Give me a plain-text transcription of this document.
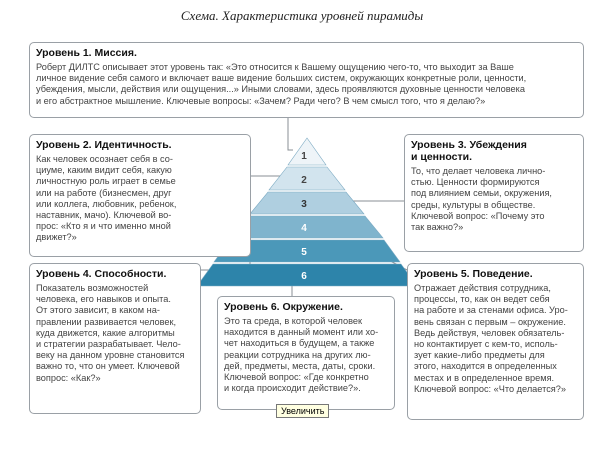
Схема. Характеристика уровней пирамиды
1
2
3
4
5
6
Уровень 1. Миссия.

Роберт ДИЛТС описывает этот уровень так: «Это относится к Вашему ощущению чего-то, что выходит за Ваше
личное видение себя самого и включает ваше видение больших систем, окружающих конкретные роли, ценности,
убеждения, мысли, действия или ощущения...» Иными словами, здесь проявляются духовные ценности человека
и его абстрактное мышление. Ключевые вопросы: «Зачем? Ради чего? В чем смысл того, что я делаю?»

Уровень 2. Идентичность.

Как человек осознает себя в со-
циуме, каким видит себя, какую
личностную роль играет в семье
или на работе (бизнесмен, друг
или коллега, любовник, ребенок,
наставник, мачо). Ключевой во-
прос: «Кто я и что именно мной
движет?»

Уровень 3. Убеждения
и ценности.

То, что делает человека лично-
стью. Ценности формируются
под влиянием семьи, окружения,
среды, культуры в обществе.
Ключевой вопрос: «Почему это
так важно?»

Уровень 4. Способности.

Показатель возможностей
человека, его навыков и опыта.
От этого зависит, в каком на-
правлении развивается человек,
куда движется, какие алгоритмы
и стратегии разрабатывает. Чело-
веку на данном уровне становится
важно то, что он умеет. Ключевой
вопрос: «Как?»

Уровень 5. Поведение.

Отражает действия сотрудника,
процессы, то, как он ведет себя
на работе и за стенами офиса. Уро-
вень связан с первым – окружение.
Ведь действуя, человек обязатель-
но контактирует с кем-то, исполь-
зует какие-либо предметы для
этого, находится в определенных
местах и в определенное время.
Ключевой вопрос: «Что делается?»

Уровень 6. Окружение.

Это та среда, в которой человек
находится в данный момент или хо-
чет находиться в будущем, а также
реакции сотрудника на других лю-
дей, предметы, места, даты, сроки.
Ключевой вопрос: «Где конкретно
и когда происходит действие?».

Увеличить
